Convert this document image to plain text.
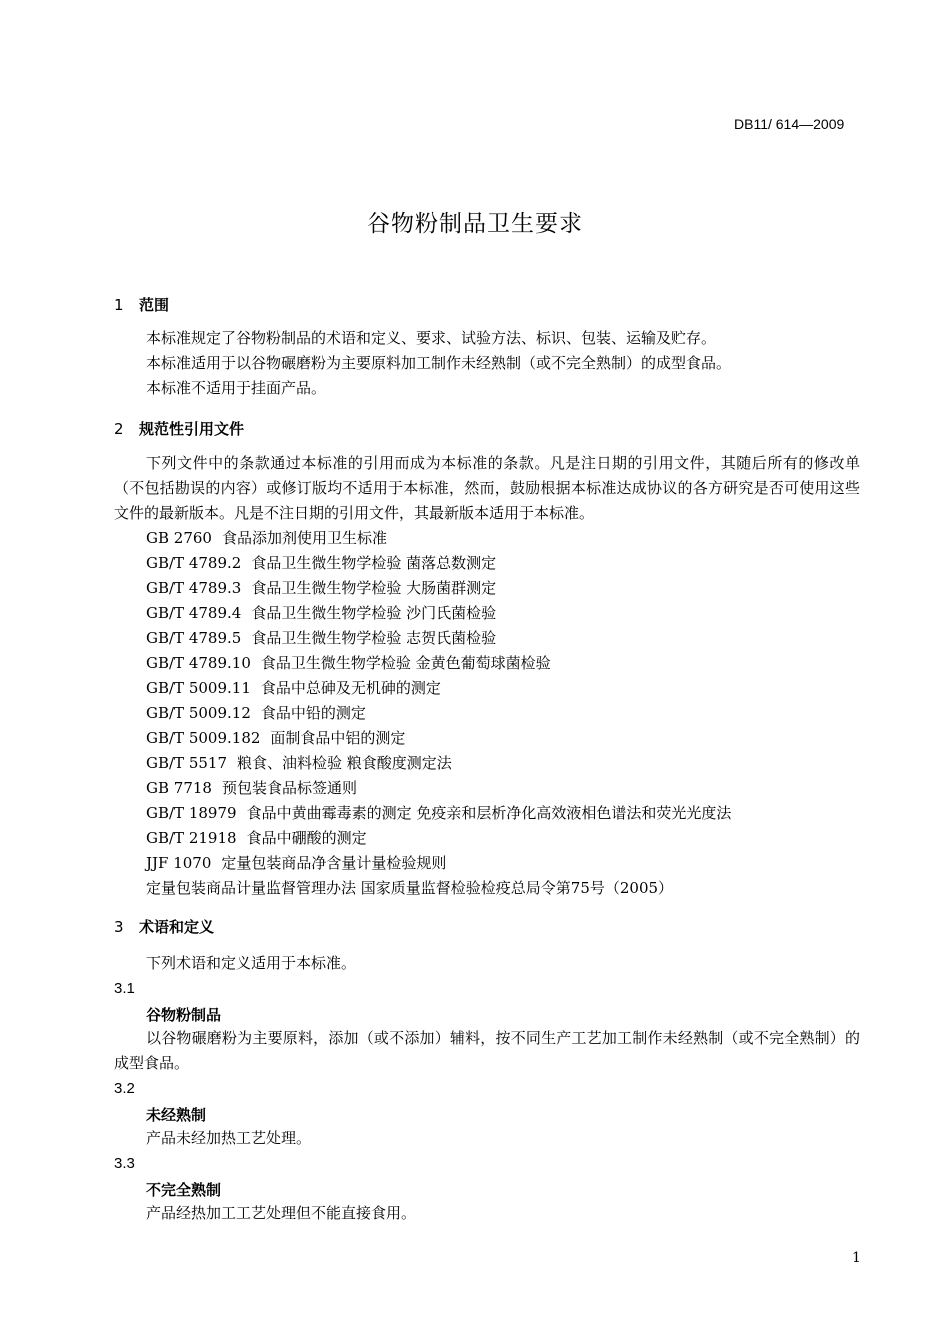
DB11/ 614—2009
谷物粉制品卫生要求
1 范围
本标准规定了谷物粉制品的术语和定义、要求、试验方法、标识、包装、运输及贮存。
本标准适用于以谷物碾磨粉为主要原料加工制作未经熟制（或不完全熟制）的成型食品。
本标准不适用于挂面产品。
2 规范性引用文件
下列文件中的条款通过本标准的引用而成为本标准的条款。凡是注日期的引用文件，其随后所有的修改单（不包括勘误的内容）或修订版均不适用于本标准，然而，鼓励根据本标准达成协议的各方研究是否可使用这些文件的最新版本。凡是不注日期的引用文件，其最新版本适用于本标准。
GB 2760 食品添加剂使用卫生标准
GB/T 4789.2 食品卫生微生物学检验 菌落总数测定
GB/T 4789.3 食品卫生微生物学检验 大肠菌群测定
GB/T 4789.4 食品卫生微生物学检验 沙门氏菌检验
GB/T 4789.5 食品卫生微生物学检验 志贺氏菌检验
GB/T 4789.10 食品卫生微生物学检验 金黄色葡萄球菌检验
GB/T 5009.11 食品中总砷及无机砷的测定
GB/T 5009.12 食品中铅的测定
GB/T 5009.182 面制食品中铝的测定
GB/T 5517 粮食、油料检验 粮食酸度测定法
GB 7718 预包装食品标签通则
GB/T 18979 食品中黄曲霉毒素的测定 免疫亲和层析净化高效液相色谱法和荧光光度法
GB/T 21918 食品中硼酸的测定
JJF 1070 定量包装商品净含量计量检验规则
定量包装商品计量监督管理办法 国家质量监督检验检疫总局令第75号（2005）
3 术语和定义
下列术语和定义适用于本标准。
3.1
谷物粉制品
以谷物碾磨粉为主要原料，添加（或不添加）辅料，按不同生产工艺加工制作未经熟制（或不完全熟制）的成型食品。
3.2
未经熟制
产品未经加热工艺处理。
3.3
不完全熟制
产品经热加工工艺处理但不能直接食用。
1
